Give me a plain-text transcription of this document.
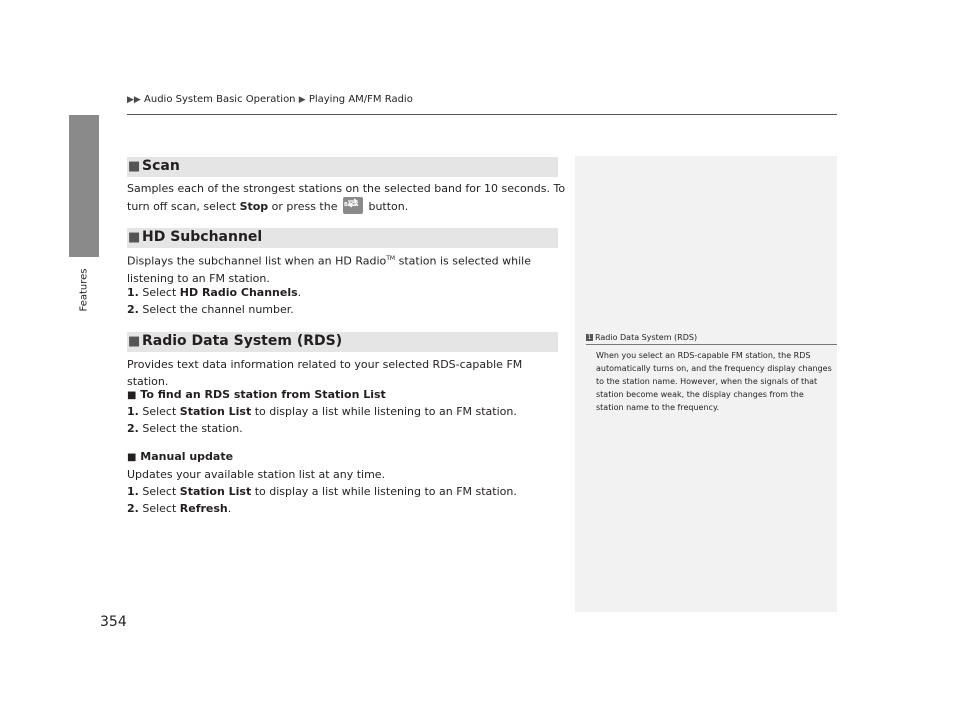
▶▶ Audio System Basic Operation ▶ Playing AM/FM Radio
Features
354
■ Scan
Samples each of the strongest stations on the selected band for 10 seconds. To turn off scan, select Stop or press the BACK button.
■ HD Subchannel
Displays the subchannel list when an HD Radio™ station is selected while listening to an FM station.
1. Select HD Radio Channels.
2. Select the channel number.
■ Radio Data System (RDS)
Provides text data information related to your selected RDS-capable FM station.
■ To find an RDS station from Station List
1. Select Station List to display a list while listening to an FM station.
2. Select the station.
■ Manual update
Updates your available station list at any time.
1. Select Station List to display a list while listening to an FM station.
2. Select Refresh.
1 Radio Data System (RDS)
When you select an RDS-capable FM station, the RDS automatically turns on, and the frequency display changes to the station name. However, when the signals of that station become weak, the display changes from the station name to the frequency.
